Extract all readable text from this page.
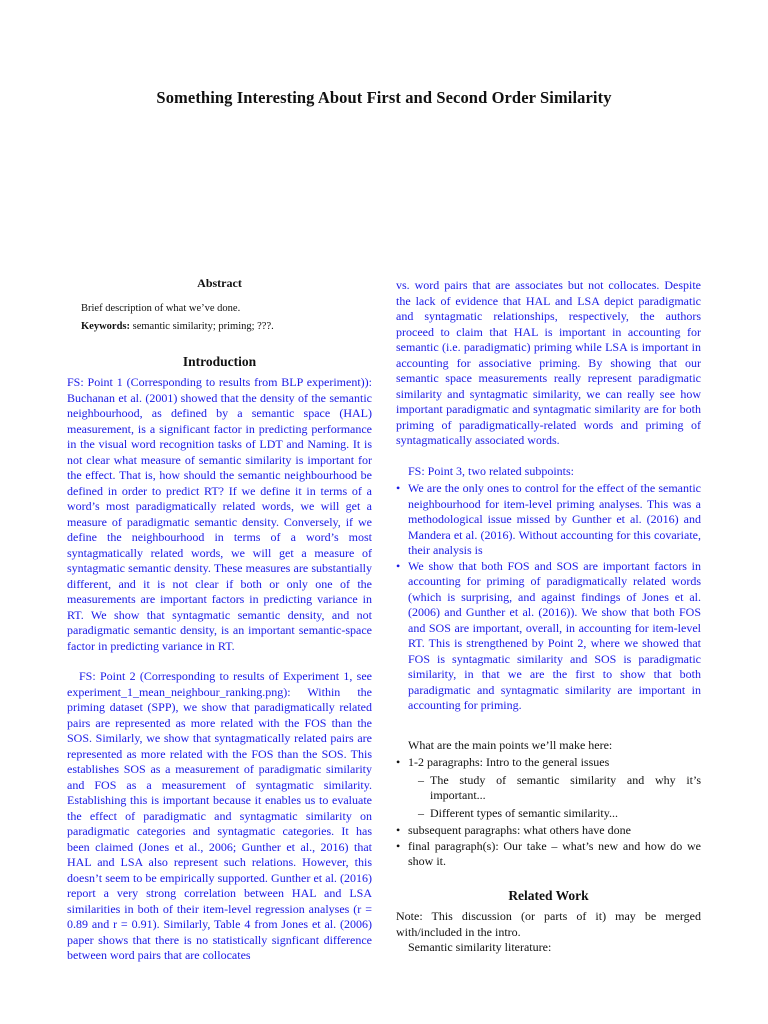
Something Interesting About First and Second Order Similarity
Abstract

Brief description of what we’ve done.

Keywords: semantic similarity; priming; ???.

Introduction

FS: Point 1 (Corresponding to results from BLP experiment)): Buchanan et al. (2001) showed that the density of the semantic neighbourhood, as defined by a semantic space (HAL) measurement, is a significant factor in predicting performance in the visual word recognition tasks of LDT and Naming. It is not clear what measure of semantic similarity is important for the effect. That is, how should the semantic neighbourhood be defined in order to predict RT? If we define it in terms of a word’s most paradigmatically related words, we will get a measure of paradigmatic semantic density. Conversely, if we define the neighbourhood in terms of a word’s most syntagmatically related words, we will get a measure of syntagmatic semantic density. These measures are substantially different, and it is not clear if both or only one of the measurements are important factors in predicting variance in RT. We show that syntagmatic semantic density, and not paradigmatic semantic density, is an important semantic-space factor in predicting variance in RT.

FS: Point 2 (Corresponding to results of Experiment 1, see experiment_1_mean_neighbour_ranking.png): Within the priming dataset (SPP), we show that paradigmatically related pairs are represented as more related with the FOS than the SOS. Similarly, we show that syntagmatically related pairs are represented as more related with the FOS than the SOS. This establishes SOS as a measurement of paradigmatic similarity and FOS as a measurement of syntagmatic similarity. Establishing this is important because it enables us to evaluate the effect of paradigmatic and syntagmatic similarity on paradigmatic categories and syntagmatic categories. It has been claimed (Jones et al., 2006; Gunther et al., 2016) that HAL and LSA also represent such relations. However, this doesn’t seem to be empirically supported. Gunther et al. (2016) report a very strong correlation between HAL and LSA similarities in both of their item-level regression analyses (r = 0.89 and r = 0.91). Similarly, Table 4 from Jones et al. (2006) paper shows that there is no statistically signficant difference between word pairs that are collocates

vs. word pairs that are associates but not collocates. Despite the lack of evidence that HAL and LSA depict paradigmatic and syntagmatic relationships, respectively, the authors proceed to claim that HAL is important in accounting for semantic (i.e. paradigmatic) priming while LSA is important in accounting for associative priming. By showing that our semantic space measurements really represent paradigmatic similarity and syntagmatic similarity, we can really see how important paradigmatic and syntagmatic similarity are for both priming of paradigmatically-related words and priming of syntagmatically associated words.

FS: Point 3, two related subpoints:

• We are the only ones to control for the effect of the semantic neighbourhood for item-level priming analyses. This was a methodological issue missed by Gunther et al. (2016) and Mandera et al. (2016). Without accounting for this covariate, their analysis is
• We show that both FOS and SOS are important factors in accounting for priming of paradigmatically related words (which is surprising, and against findings of Jones et al. (2006) and Gunther et al. (2016)). We show that both FOS and SOS are important, overall, in accounting for item-level RT. This is strengthened by Point 2, where we showed that FOS is syntagmatic similarity and SOS is paradigmatic similarity, in that we are the first to show that both paradigmatic and syntagmatic similarity are important in accounting for priming.

What are the main points we’ll make here:

• 1-2 paragraphs: Intro to the general issues
– The study of semantic similarity and why it’s important...
– Different types of semantic similarity...
• subsequent paragraphs: what others have done
• final paragraph(s): Our take – what’s new and how do we show it.
Related Work

Note: This discussion (or parts of it) may be merged with/included in the intro.

Semantic similarity literature:
